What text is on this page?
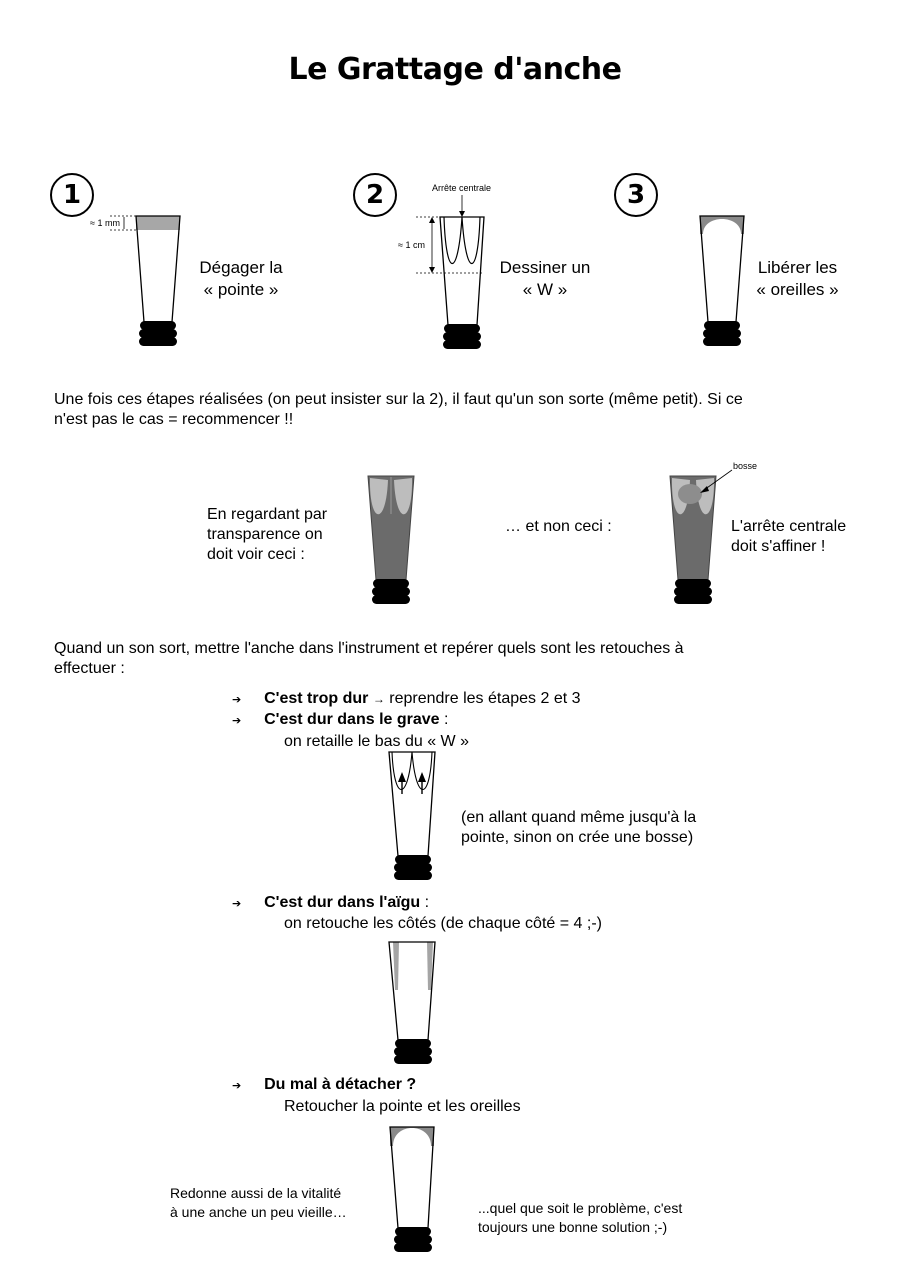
Le Grattage d'anche
1
≈ 1 mm
Dégager la
« pointe »
2	Arrête centrale
≈ 1 cm
Dessiner un
« W »
3
Libérer les
« oreilles »
Une fois ces étapes réalisées (on peut insister sur la 2), il faut qu'un son sorte (même petit). Si ce
n'est pas le cas = recommencer !!
En regardant par
transparence on
doit voir ceci :
… et non ceci :
bosse
L'arrête centrale
doit s'affiner !
Quand un son sort, mettre l'anche dans l'instrument et repérer quels sont les retouches à
effectuer :
➔ C'est trop dur → reprendre les étapes 2 et 3
➔ C'est dur dans le grave :
on retaille le bas du « W »
(en allant quand même jusqu'à la
pointe, sinon on crée une bosse)
➔ C'est dur dans l'aïgu :
on retouche les côtés (de chaque côté = 4 ;-)
➔ Du mal à détacher ?
Retoucher la pointe et les oreilles
Redonne aussi de la vitalité
à une anche un peu vieille…	...quel que soit le problème, c'est
toujours une bonne solution ;-)
